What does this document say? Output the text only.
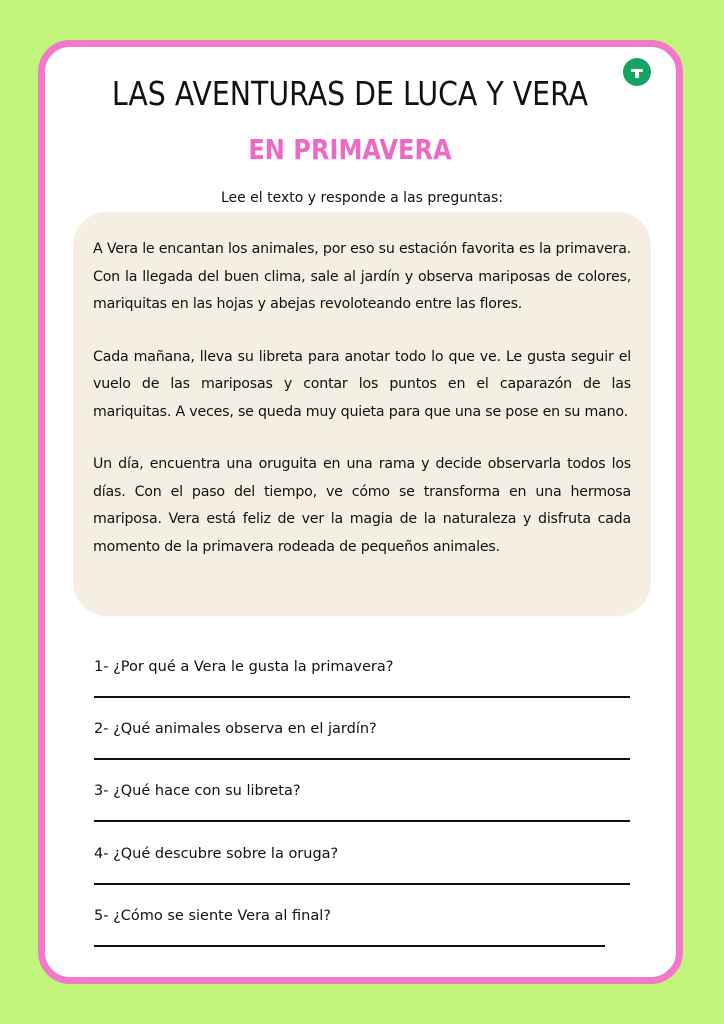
LAS AVENTURAS DE LUCA Y VERA
EN PRIMAVERA
Lee el texto y responde a las preguntas:

A Vera le encantan los animales, por eso su estación favorita es la primavera. Con la llegada del buen clima, sale al jardín y observa mariposas de colores, mariquitas en las hojas y abejas revoloteando entre las flores.

Cada mañana, lleva su libreta para anotar todo lo que ve. Le gusta seguir el vuelo de las mariposas y contar los puntos en el caparazón de las mariquitas. A veces, se queda muy quieta para que una se pose en su mano.

Un día, encuentra una oruguita en una rama y decide observarla todos los días. Con el paso del tiempo, ve cómo se transforma en una hermosa mariposa. Vera está feliz de ver la magia de la naturaleza y disfruta cada momento de la primavera rodeada de pequeños animales.

1- ¿Por qué a Vera le gusta la primavera?
2- ¿Qué animales observa en el jardín?
3- ¿Qué hace con su libreta?
4- ¿Qué descubre sobre la oruga?
5- ¿Cómo se siente Vera al final?
